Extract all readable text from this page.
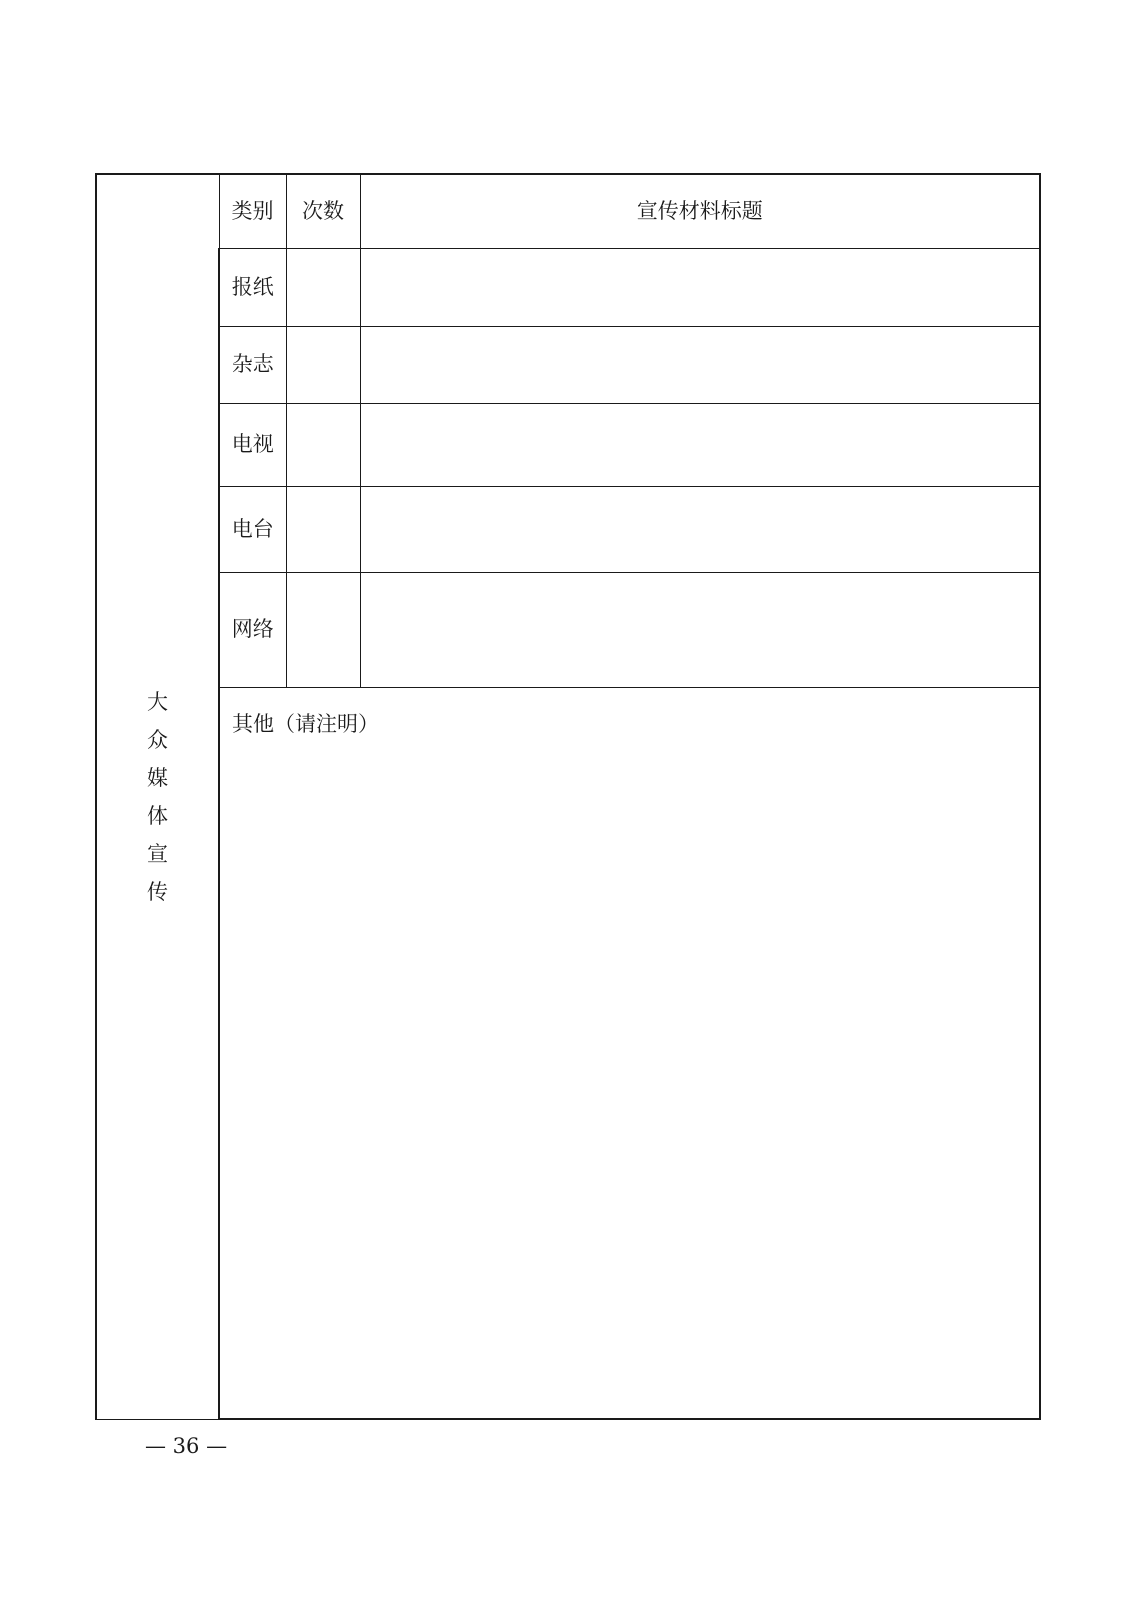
大众媒体宣传	类别	次数	宣传材料标题
	报纸		
	杂志		
	电视		
	电台		
	网络		
	其他（请注明）		
— 36 —
